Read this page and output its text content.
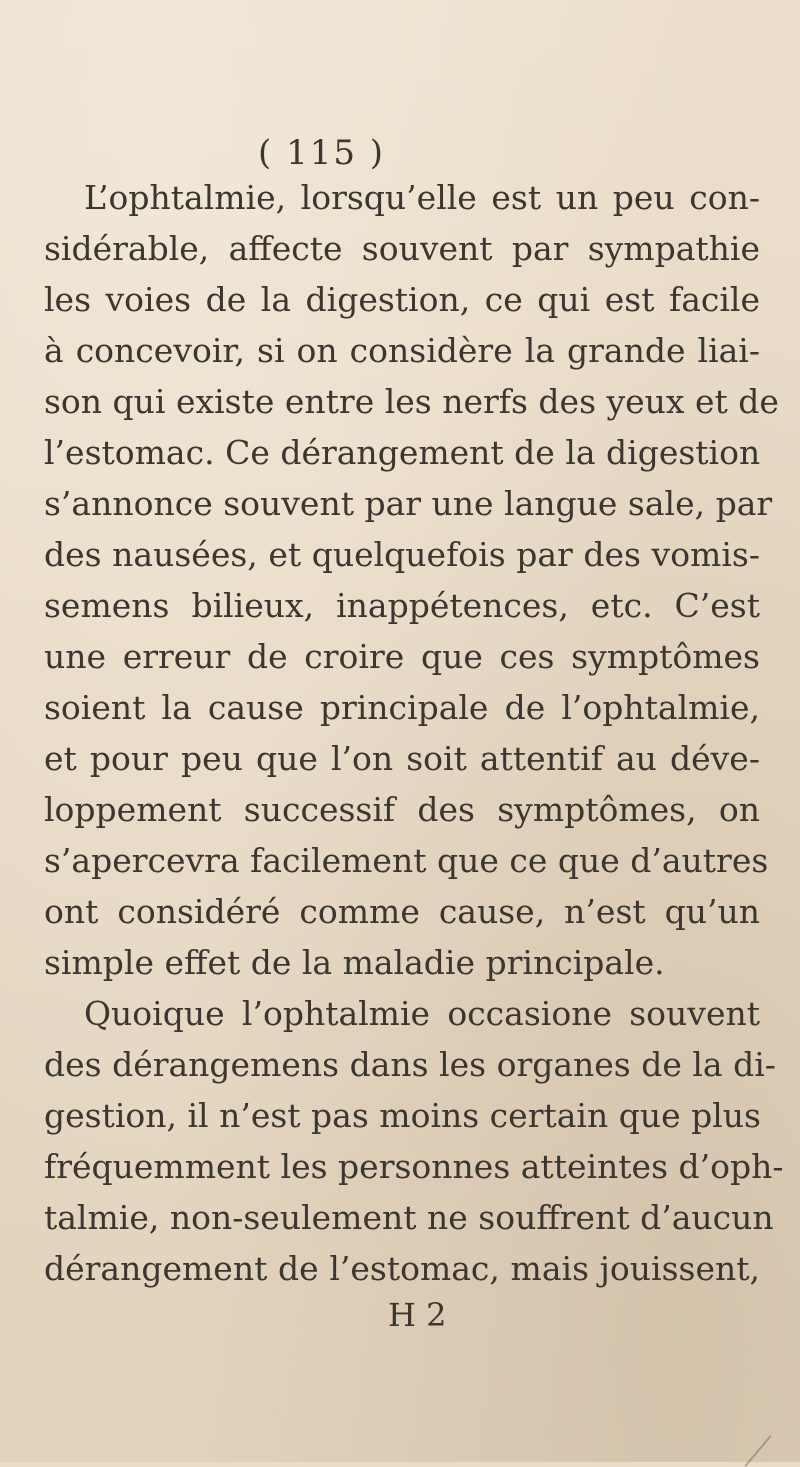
( 115 )
L’ophtalmie, lorsqu’elle est un peu con-
sidérable, affecte souvent par sympathie
les voies de la digestion, ce qui est facile
à concevoir, si on considère la grande liai-
son qui existe entre les nerfs des yeux et de
l’estomac. Ce dérangement de la digestion
s’annonce souvent par une langue sale, par
des nausées, et quelquefois par des vomis-
semens bilieux, inappétences, etc. C’est
une erreur de croire que ces symptômes
soient la cause principale de l’ophtalmie,
et pour peu que l’on soit attentif au déve-
loppement successif des symptômes, on
s’apercevra facilement que ce que d’autres
ont considéré comme cause, n’est qu’un
simple effet de la maladie principale.
Quoique l’ophtalmie occasione souvent
des dérangemens dans les organes de la di-
gestion, il n’est pas moins certain que plus
fréquemment les personnes atteintes d’oph-
talmie, non-seulement ne souffrent d’aucun
dérangement de l’estomac, mais jouissent,
H 2
